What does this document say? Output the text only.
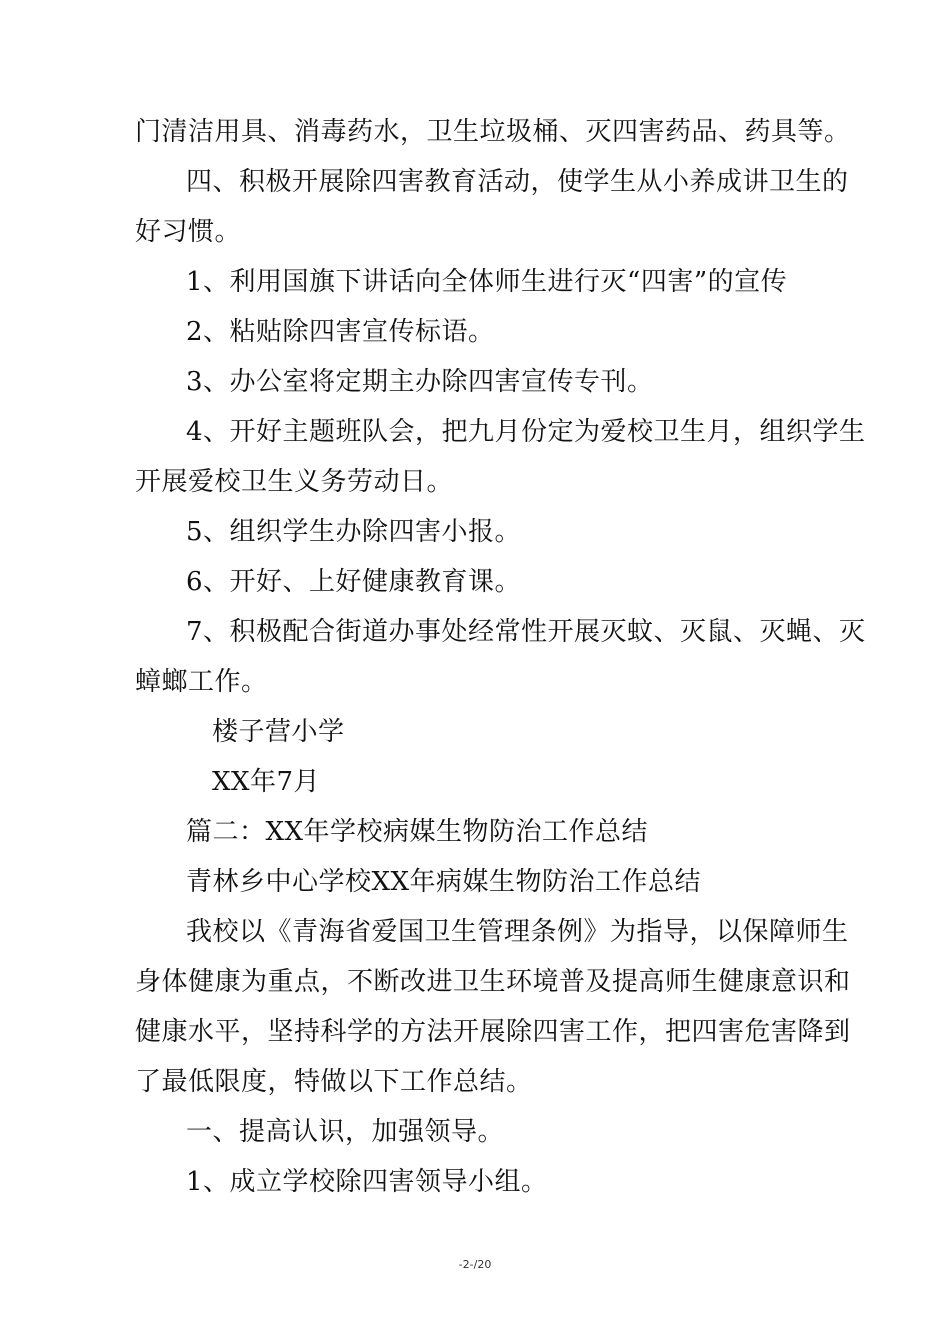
门清洁用具、消毒药水，卫生垃圾桶、灭四害药品、药具等。
四、积极开展除四害教育活动，使学生从小养成讲卫生的
好习惯。
1、利用国旗下讲话向全体师生进行灭“四害”的宣传
2、粘贴除四害宣传标语。
3、办公室将定期主办除四害宣传专刊。
4、开好主题班队会，把九月份定为爱校卫生月，组织学生
开展爱校卫生义务劳动日。
5、组织学生办除四害小报。
6、开好、上好健康教育课。
7、积极配合街道办事处经常性开展灭蚊、灭鼠、灭蝇、灭
蟑螂工作。
楼子营小学
XX年7月
篇二：XX年学校病媒生物防治工作总结
青林乡中心学校XX年病媒生物防治工作总结
我校以《青海省爱国卫生管理条例》为指导，以保障师生
身体健康为重点，不断改进卫生环境普及提高师生健康意识和
健康水平，坚持科学的方法开展除四害工作，把四害危害降到
了最低限度，特做以下工作总结。
一、提高认识，加强领导。
1、成立学校除四害领导小组。
-2-/20
